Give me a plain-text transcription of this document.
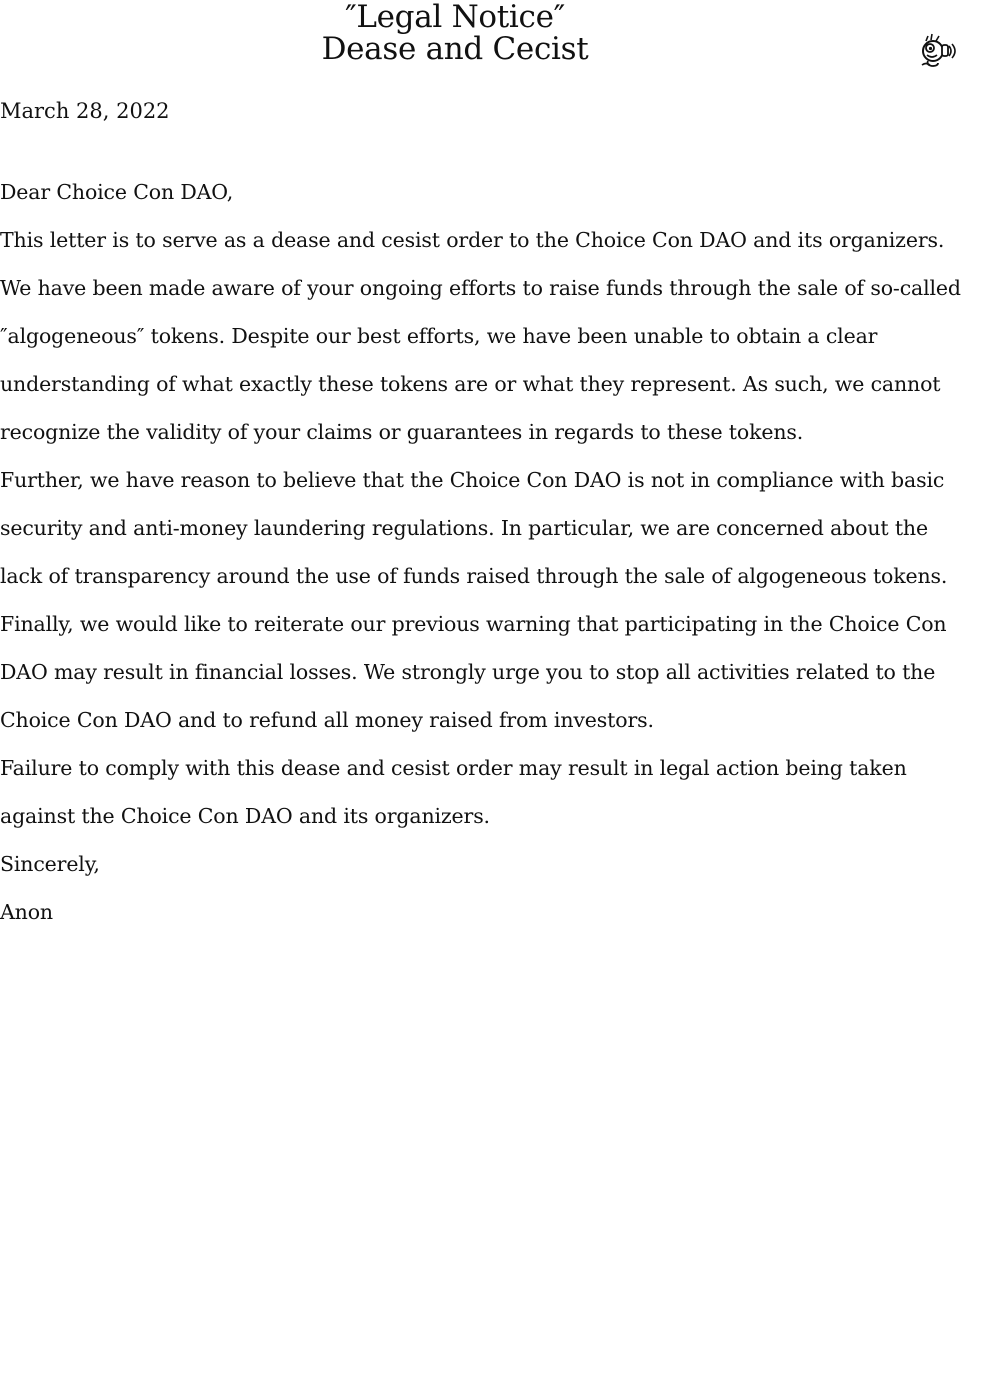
″Legal Notice″
Dease and Cecist
March 28, 2022

Dear Choice Con DAO,

This letter is to serve as a dease and cesist order to the Choice Con DAO and its organizers. We have been made aware of your ongoing efforts to raise funds through the sale of so-called ″algogeneous″ tokens. Despite our best efforts, we have been unable to obtain a clear understanding of what exactly these tokens are or what they represent. As such, we cannot recognize the validity of your claims or guarantees in regards to these tokens.

Further, we have reason to believe that the Choice Con DAO is not in compliance with basic security and anti-money laundering regulations. In particular, we are concerned about the lack of transparency around the use of funds raised through the sale of algogeneous tokens.

Finally, we would like to reiterate our previous warning that participating in the Choice Con DAO may result in financial losses. We strongly urge you to stop all activities related to the Choice Con DAO and to refund all money raised from investors.

Failure to comply with this dease and cesist order may result in legal action being taken against the Choice Con DAO and its organizers.

Sincerely,

Anon
